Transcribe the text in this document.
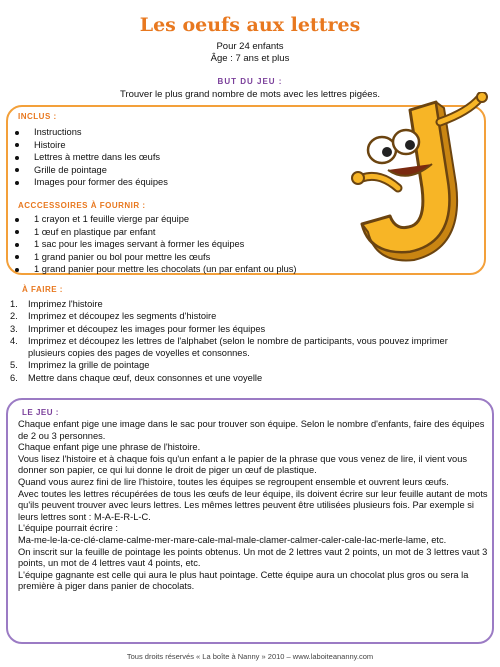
Les oeufs aux lettres
Pour 24 enfants
Âge : 7 ans et plus
BUT DU JEU :
Trouver le plus grand nombre de mots avec les lettres pigées.
INCLUS :
Instructions
Histoire
Lettres à mettre dans les œufs
Grille de pointage
Images pour former des équipes
ACCCESSOIRES À FOURNIR :
1 crayon et 1 feuille vierge par équipe
1 œuf en plastique par enfant
1 sac pour les images servant à former les équipes
1 grand panier ou bol pour mettre les œufs
1 grand panier pour mettre les chocolats (un par enfant ou plus)
À FAIRE :
1. Imprimez l'histoire
2. Imprimez et découpez les segments d'histoire
3. Imprimer et découpez les images pour former les équipes
4. Imprimez et découpez les lettres de l'alphabet (selon le nombre de participants, vous pouvez imprimer plusieurs copies des pages de voyelles et consonnes.
5. Imprimez la grille de pointage
6. Mettre dans chaque œuf, deux consonnes et une voyelle
LE JEU :

Chaque enfant pige une image dans le sac pour trouver son équipe. Selon le nombre d'enfants, faire des équipes de 2 ou 3 personnes.

Chaque enfant pige une phrase de l'histoire.

Vous lisez l'histoire et à chaque fois qu'un enfant a le papier de la phrase que vous venez de lire, il vient vous donner son papier, ce qui lui donne le droit de piger un œuf de plastique.

Quand vous aurez fini de lire l'histoire, toutes les équipes se regroupent ensemble et ouvrent leurs œufs.

Avec toutes les lettres récupérées de tous les œufs de leur équipe, ils doivent écrire sur leur feuille autant de mots qu'ils peuvent trouver avec leurs lettres. Les mêmes lettres peuvent être utilisées plusieurs fois. Par exemple si leurs lettres sont : M-A-E-R-L-C.

L'équipe pourrait écrire :

Ma-me-le-la-ce-clé-clame-calme-mer-mare-cale-mal-male-clamer-calmer-caler-cale-lac-merle-lame, etc.

On inscrit sur la feuille de pointage les points obtenus. Un mot de 2 lettres vaut 2 points, un mot de 3 lettres vaut 3 points, un mot de 4 lettres vaut 4 points, etc.

L'équipe gagnante est celle qui aura le plus haut pointage. Cette équipe aura un chocolat plus gros ou sera la première à piger dans panier de chocolats.

Tous droits réservés « La boîte à Nanny » 2010 – www.laboiteananny.com
